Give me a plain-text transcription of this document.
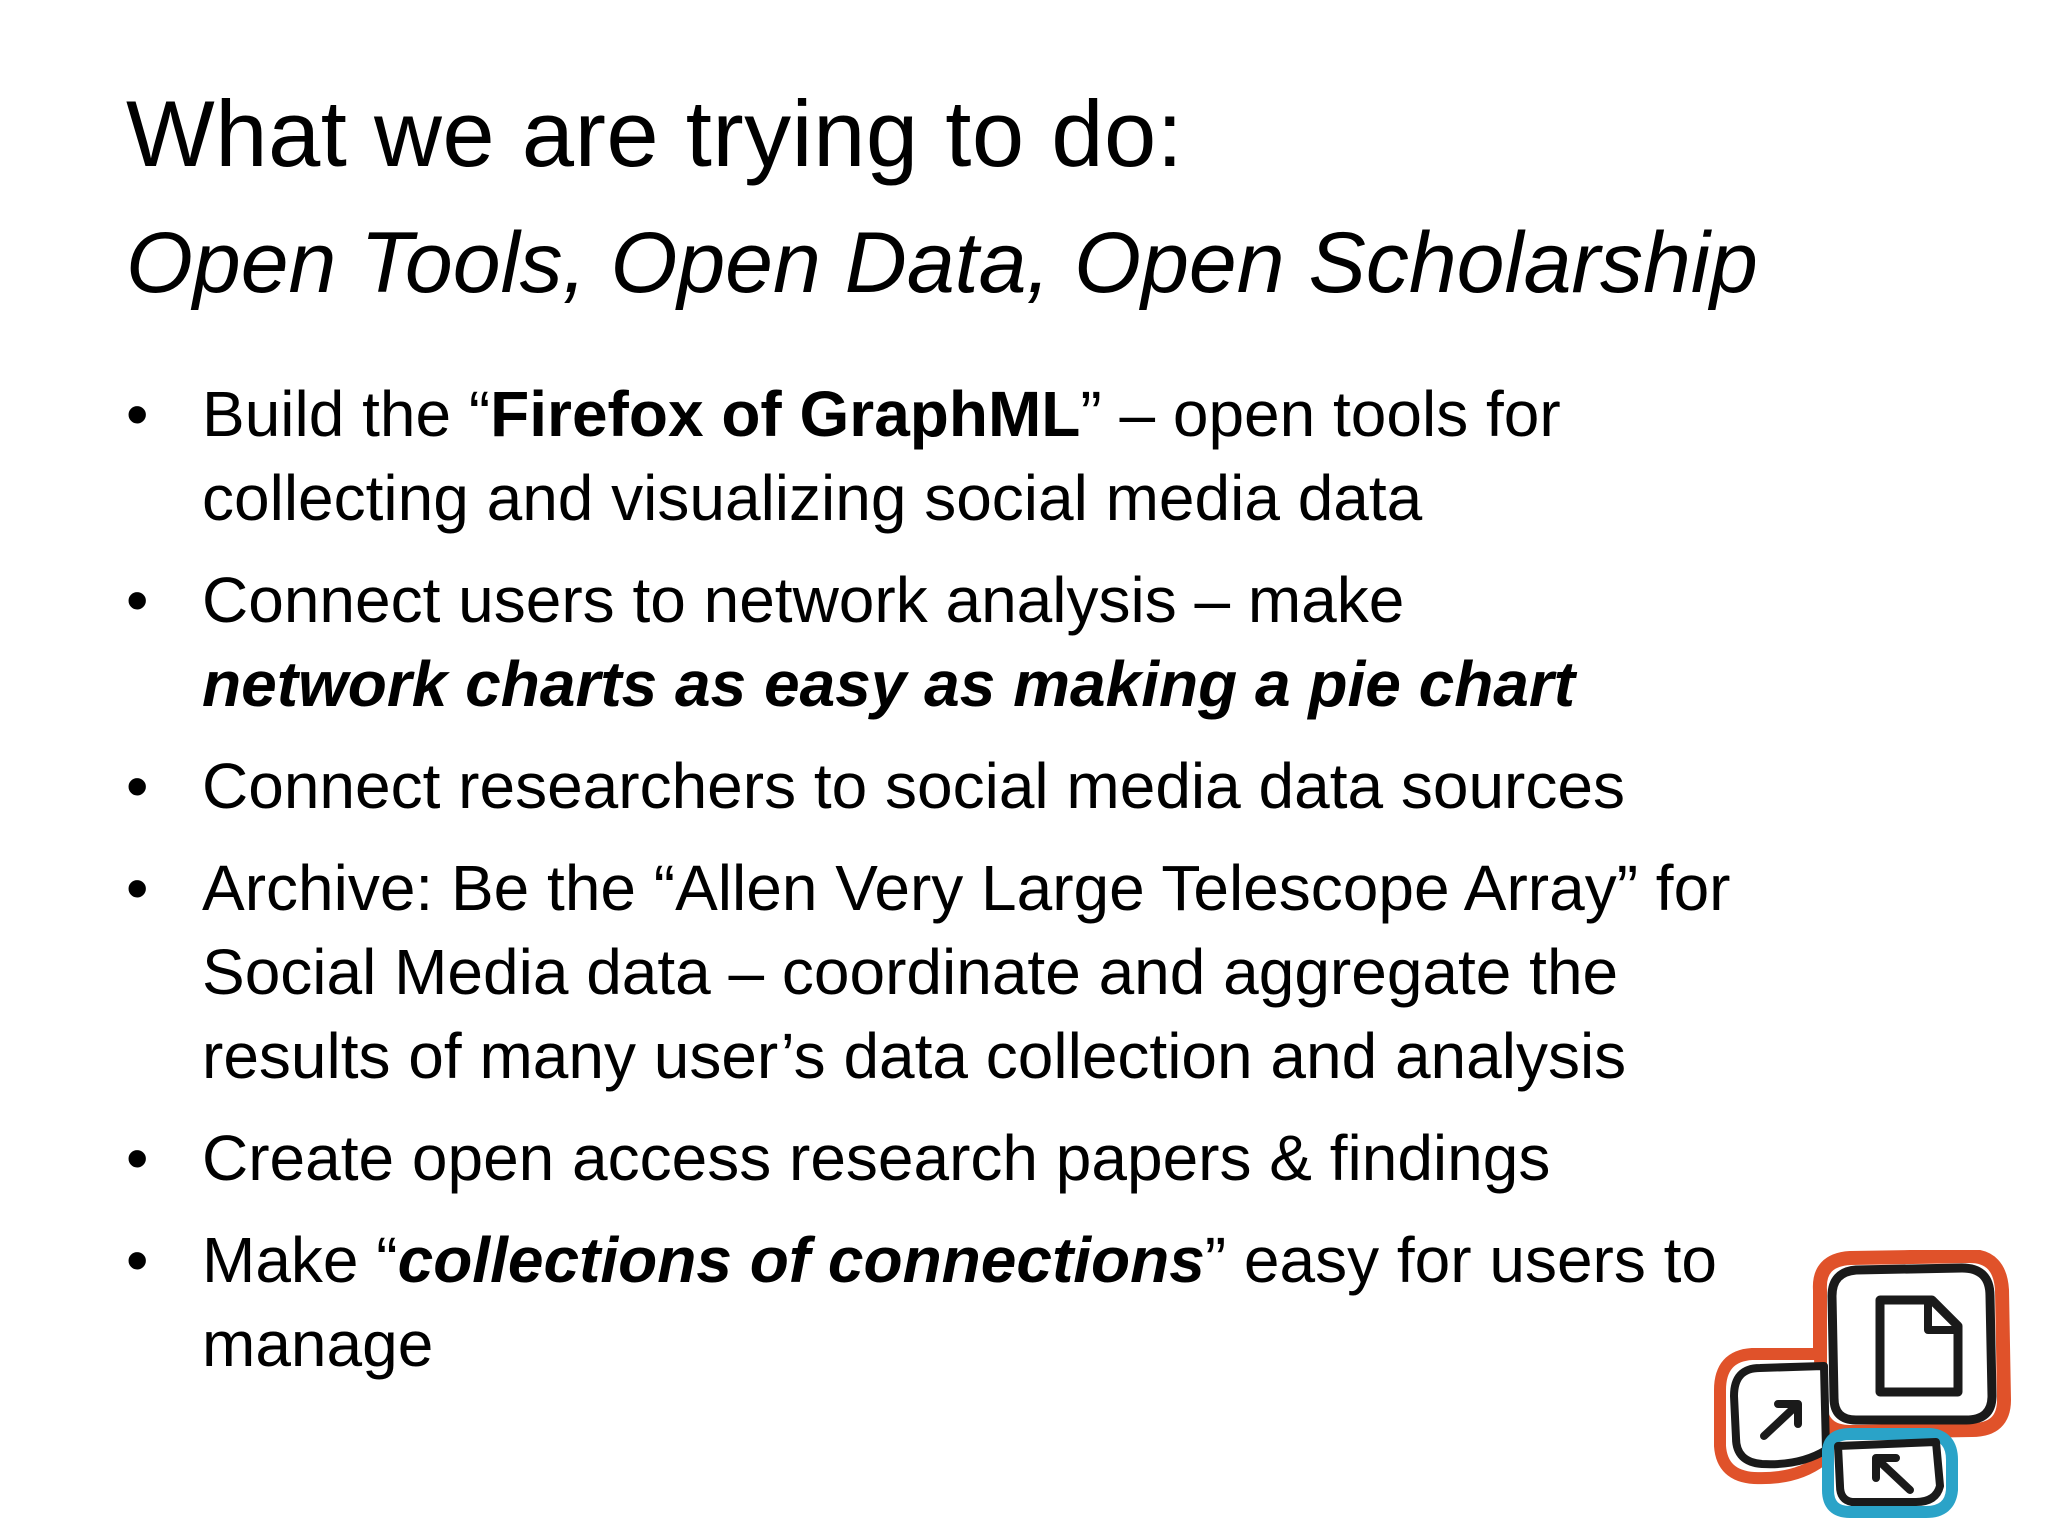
What we are trying to do:
Open Tools, Open Data, Open Scholarship
• Build the “Firefox of GraphML” – open tools for collecting and visualizing social media data
• Connect users to network analysis – make
network charts as easy as making a pie chart
• Connect researchers to social media data sources
• Archive: Be the “Allen Very Large Telescope Array” for Social Media data – coordinate and aggregate the results of many user’s data collection and analysis
• Create open access research papers & findings
• Make “collections of connections” easy for users to manage
